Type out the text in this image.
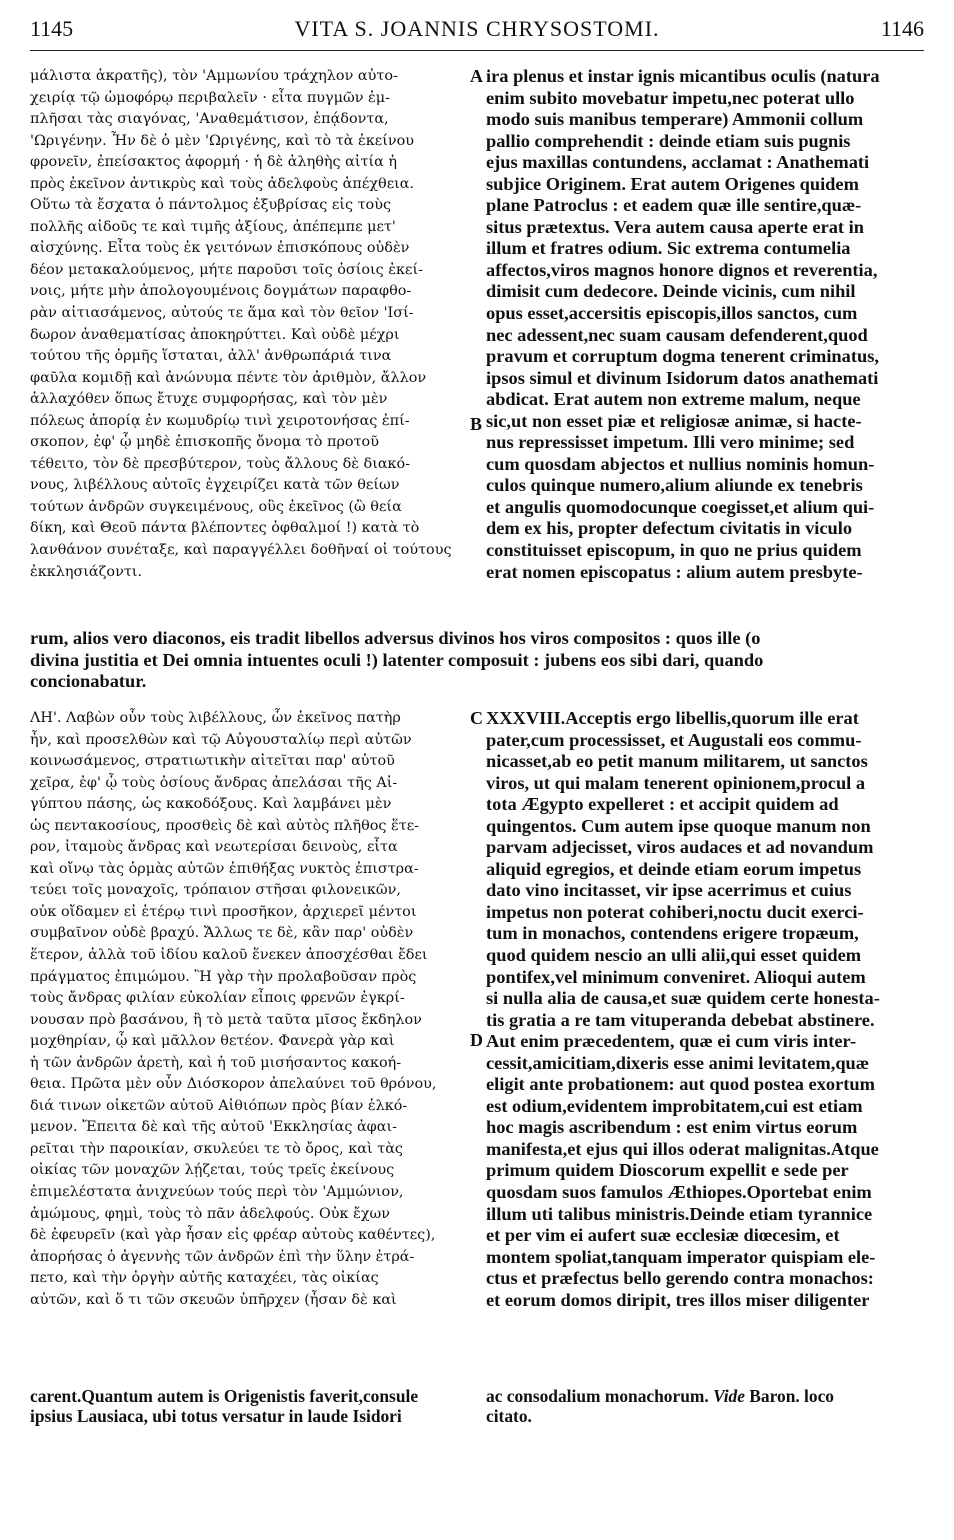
1145	VITA S. JOANNIS CHRYSOSTOMI.	1146
μάλιστα ἀκρατῆς), τὸν 'Αμμωνίου τράχηλον αὐτο-
χειρίᾳ τῷ ὠμοφόρῳ περιβαλεῖν · εἶτα πυγμῶν ἐμ-
πλῆσαι τὰς σιαγόνας, 'Αναθεμάτισον, ἐπᾴδοντα,
'Ωριγένην. Ἦν δὲ ὁ μὲν 'Ωριγένης, καὶ τὸ τὰ ἐκείνου
φρονεῖν, ἐπείσακτος ἀφορμή · ἡ δὲ ἀληθὴς αἰτία ἡ
πρὸς ἐκεῖνον ἀντικρὺς καὶ τοὺς ἀδελφοὺς ἀπέχθεια.
Οὕτω τὰ ἔσχατα ὁ πάντολμος ἐξυβρίσας εἰς τοὺς
πολλῆς αἰδοῦς τε καὶ τιμῆς ἀξίους, ἀπέπεμπε μετ'
αἰσχύνης. Εἶτα τοὺς ἐκ γειτόνων ἐπισκόπους οὐδὲν
δέον μετακαλούμενος, μήτε παροῦσι τοῖς ὁσίοις ἐκεί-
νοις, μήτε μὴν ἀπολογουμένοις δογμάτων παραφθο-
ρὰν αἰτιασάμενος, αὐτούς τε ἅμα καὶ τὸν θεῖον 'Ισί-
δωρον ἀναθεματίσας ἀποκηρύττει. Καὶ οὐδὲ μέχρι
τούτου τῆς ὁρμῆς ἵσταται, ἀλλ' ἀνθρωπάριά τινα
φαῦλα κομιδῇ καὶ ἀνώνυμα πέντε τὸν ἀριθμὸν, ἄλλον
ἀλλαχόθεν ὅπως ἔτυχε συμφορήσας, καὶ τὸν μὲν
πόλεως ἀπορίᾳ ἐν κωμυδρίῳ τινὶ χειροτονήσας ἐπί-
σκοπον, ἐφ' ᾧ μηδὲ ἐπισκοπῆς ὄνομα τὸ προτοῦ
τέθειτο, τὸν δὲ πρεσβύτερον, τοὺς ἄλλους δὲ διακό-
νους, λιβέλλους αὐτοῖς ἐγχειρίζει κατὰ τῶν θείων
τούτων ἀνδρῶν συγκειμένους, οὓς ἐκεῖνος (ὢ θεία
δίκη, καὶ Θεοῦ πάντα βλέποντες ὀφθαλμοί !) κατὰ τὸ
λανθάνον συνέταξε, καὶ παραγγέλλει δοθῆναί οἱ τούτους
ἐκκλησιάζοντι.
ira plenus et instar ignis micantibus oculis (natura
enim subito movebatur impetu,nec poterat ullo
modo suis manibus temperare) Ammonii collum
pallio comprehendit : deinde etiam suis pugnis
ejus maxillas contundens, acclamat : Anathemati
subjice Originem. Erat autem Origenes quidem
plane Patroclus : et eadem quæ ille sentire,quæ-
situs prætextus. Vera autem causa aperte erat in
illum et fratres odium. Sic extrema contumelia
affectos,viros magnos honore dignos et reverentia,
dimisit cum dedecore. Deinde vicinis, cum nihil
opus esset,accersitis episcopis,illos sanctos, cum
nec adessent,nec suam causam defenderent,quod
pravum et corruptum dogma tenerent criminatus,
ipsos simul et divinum Isidorum datos anathemati
abdicat. Erat autem non extreme malum, neque
sic,ut non esset piæ et religiosæ animæ, si hacte-
nus repressisset impetum. Illi vero minime; sed
cum quosdam abjectos et nullius nominis homun-
culos quinque numero,alium aliunde ex tenebris
et angulis quomodocunque coegisset,et alium qui-
dem ex his, propter defectum civitatis in viculo
constituisset episcopum, in quo ne prius quidem
erat nomen episcopatus : alium autem presbyte-
A
B
C
D
rum, alios vero diaconos, eis tradit libellos adversus divinos hos viros compositos : quos ille (o
divina justitia et Dei omnia intuentes oculi !) latenter composuit : jubens eos sibi dari, quando
concionabatur.
ΛΗ'. Λαβὼν οὖν τοὺς λιβέλλους, ὧν ἐκεῖνος πατὴρ
ἦν, καὶ προσελθὼν καὶ τῷ Αὐγουσταλίῳ περὶ αὐτῶν
κοινωσάμενος, στρατιωτικὴν αἰτεῖται παρ' αὐτοῦ
χεῖρα, ἐφ' ᾧ τοὺς ὁσίους ἄνδρας ἀπελάσαι τῆς Αἰ-
γύπτου πάσης, ὡς κακοδόξους. Καὶ λαμβάνει μὲν
ὡς πεντακοσίους, προσθεὶς δὲ καὶ αὐτὸς πλῆθος ἕτε-
ρον, ἰταμοὺς ἄνδρας καὶ νεωτερίσαι δεινοὺς, εἶτα
καὶ οἴνῳ τὰς ὁρμὰς αὐτῶν ἐπιθήξας νυκτὸς ἐπιστρα-
τεύει τοῖς μοναχοῖς, τρόπαιον στῆσαι φιλονεικῶν,
οὐκ οἴδαμεν εἰ ἑτέρῳ τινὶ προσῆκον, ἀρχιερεῖ μέντοι
συμβαῖνον οὐδὲ βραχύ. Ἄλλως τε δὲ, κἂν παρ' οὐδὲν
ἕτερον, ἀλλὰ τοῦ ἰδίου καλοῦ ἕνεκεν ἀποσχέσθαι ἔδει
πράγματος ἐπιμώμου. Ἢ γὰρ τὴν προλαβοῦσαν πρὸς
τοὺς ἄνδρας φιλίαν εὐκολίαν εἶποις φρενῶν ἐγκρί-
νουσαν πρὸ βασάνου, ἢ τὸ μετὰ ταῦτα μῖσος ἔκδηλον
μοχθηρίαν, ᾧ καὶ μᾶλλον θετέον. Φανερὰ γὰρ καὶ
ἡ τῶν ἀνδρῶν ἀρετὴ, καὶ ἡ τοῦ μισήσαντος κακοή-
θεια. Πρῶτα μὲν οὖν Διόσκορον ἀπελαύνει τοῦ θρόνου,
διά τινων οἰκετῶν αὐτοῦ Αἰθιόπων πρὸς βίαν ἑλκό-
μενον. Ἔπειτα δὲ καὶ τῆς αὐτοῦ 'Εκκλησίας ἀφαι-
ρεῖται τὴν παροικίαν, σκυλεύει τε τὸ ὄρος, καὶ τὰς
οἰκίας τῶν μοναχῶν λῄζεται, τούς τρεῖς ἐκείνους
ἐπιμελέστατα ἀνιχνεύων τούς περὶ τὸν 'Αμμώνιον,
ἀμώμους, φημὶ, τοὺς τὸ πᾶν ἀδελφούς. Οὐκ ἔχων
δὲ ἐφευρεῖν (καὶ γὰρ ἦσαν εἰς φρέαρ αὐτοὺς καθέντες),
ἀπορήσας ὁ ἀγεννὴς τῶν ἀνδρῶν ἐπὶ τὴν ὕλην ἐτρά-
πετο, καὶ τὴν ὀργὴν αὐτῆς καταχέει, τὰς οἰκίας
αὐτῶν, καὶ ὅ τι τῶν σκευῶν ὑπῆρχεν (ἦσαν δὲ καὶ
XXXVIII.Acceptis ergo libellis,quorum ille erat
pater,cum processisset, et Augustali eos commu-
nicasset,ab eo petit manum militarem, ut sanctos
viros, ut qui malam tenerent opinionem,procul a
tota Ægypto expelleret : et accipit quidem ad
quingentos. Cum autem ipse quoque manum non
parvam adjecisset, viros audaces et ad novandum
aliquid egregios, et deinde etiam eorum impetus
dato vino incitasset, vir ipse acerrimus et cuius
impetus non poterat cohiberi,noctu ducit exerci-
tum in monachos, contendens erigere tropæum,
quod quidem nescio an ulli alii,qui esset quidem
pontifex,vel minimum conveniret. Alioqui autem
si nulla alia de causa,et suæ quidem certe honesta-
tis gratia a re tam vituperanda debebat abstinere.
Aut enim præcedentem, quæ ei cum viris inter-
cessit,amicitiam,dixeris esse animi levitatem,quæ
eligit ante probationem: aut quod postea exortum
est odium,evidentem improbitatem,cui est etiam
hoc magis ascribendum : est enim virtus eorum
manifesta,et ejus qui illos oderat malignitas.Atque
primum quidem Dioscorum expellit e sede per
quosdam suos famulos Æthiopes.Oportebat enim
illum uti talibus ministris.Deinde etiam tyrannice
et per vim ei aufert suæ ecclesiæ diœcesim, et
montem spoliat,tanquam imperator quispiam ele-
ctus et præfectus bello gerendo contra monachos:
et eorum domos diripit, tres illos miser diligenter
carent.Quantum autem is Origenistis faverit,consule
ipsius Lausiaca, ubi totus versatur in laude Isidori
ac consodalium monachorum. Vide Baron. loco
citato.
